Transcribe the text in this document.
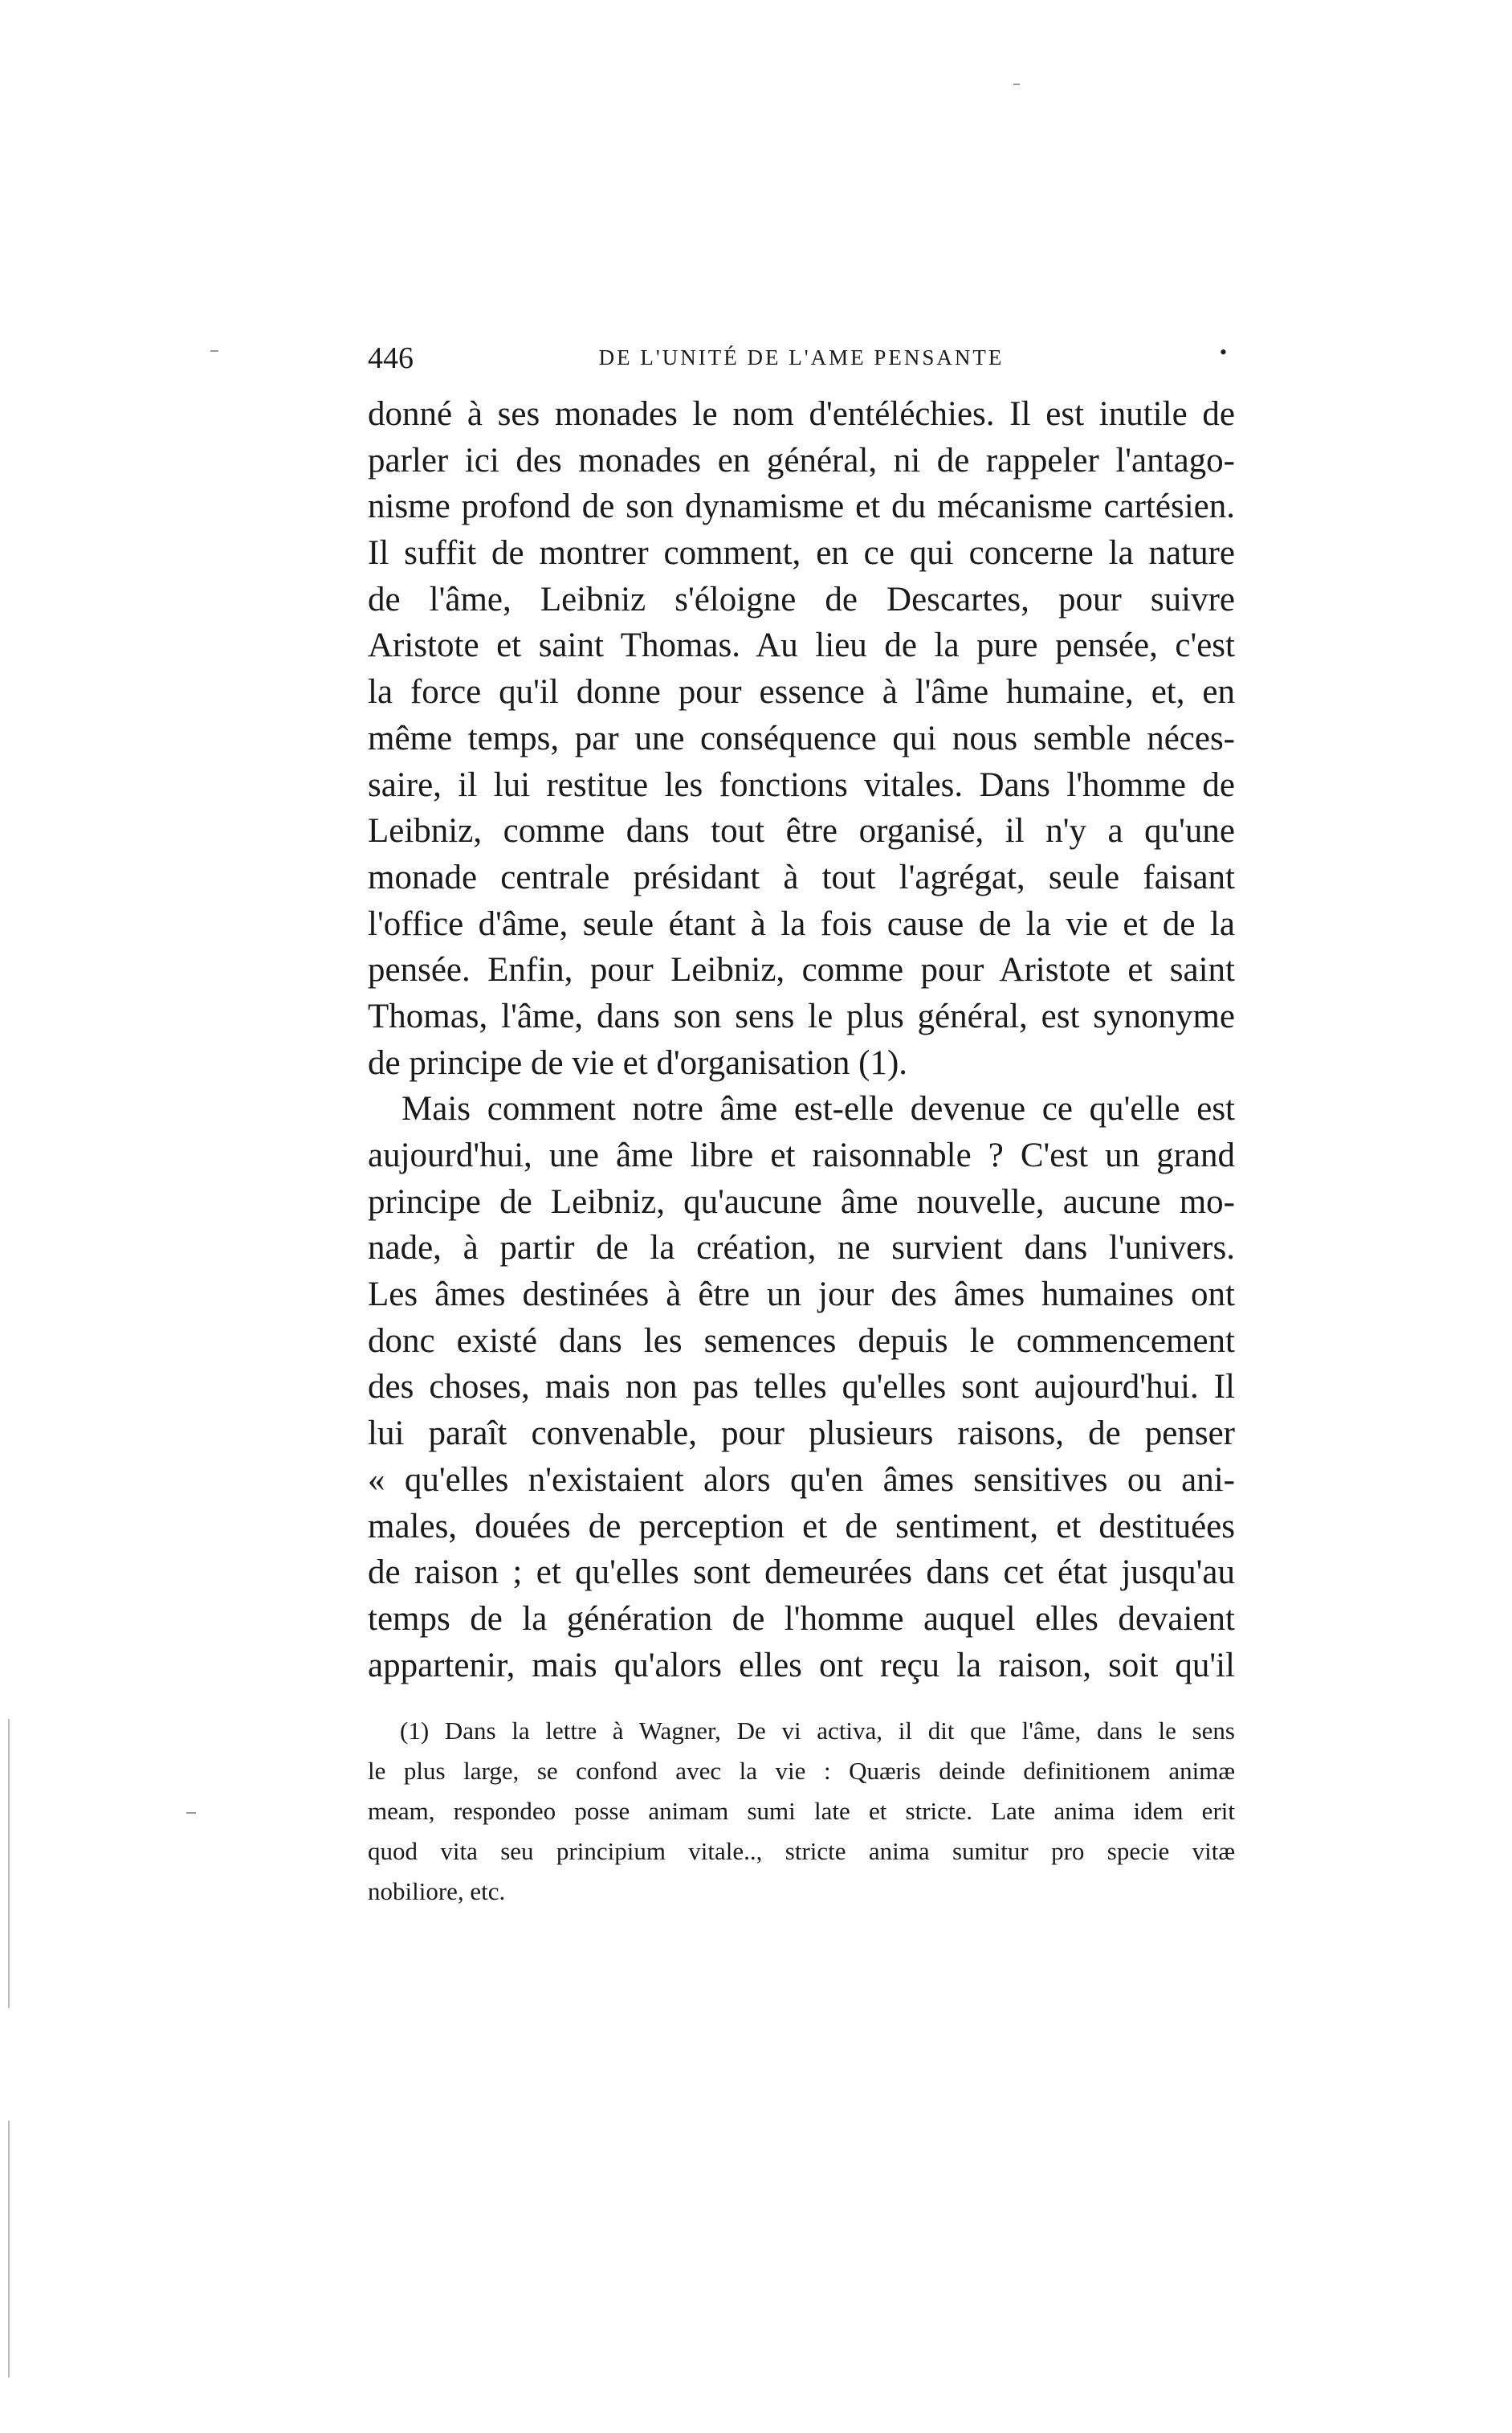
446	DE L'UNITÉ DE L'AME PENSANTE	•
donné à ses monades le nom d'entéléchies. Il est inutile de
parler ici des monades en général, ni de rappeler l'antago-
nisme profond de son dynamisme et du mécanisme cartésien.
Il suffit de montrer comment, en ce qui concerne la nature
de l'âme, Leibniz s'éloigne de Descartes, pour suivre
Aristote et saint Thomas. Au lieu de la pure pensée, c'est
la force qu'il donne pour essence à l'âme humaine, et, en
même temps, par une conséquence qui nous semble néces-
saire, il lui restitue les fonctions vitales. Dans l'homme de
Leibniz, comme dans tout être organisé, il n'y a qu'une
monade centrale présidant à tout l'agrégat, seule faisant
l'office d'âme, seule étant à la fois cause de la vie et de la
pensée. Enfin, pour Leibniz, comme pour Aristote et saint
Thomas, l'âme, dans son sens le plus général, est synonyme
de principe de vie et d'organisation (1).
Mais comment notre âme est-elle devenue ce qu'elle est
aujourd'hui, une âme libre et raisonnable ? C'est un grand
principe de Leibniz, qu'aucune âme nouvelle, aucune mo-
nade, à partir de la création, ne survient dans l'univers.
Les âmes destinées à être un jour des âmes humaines ont
donc existé dans les semences depuis le commencement
des choses, mais non pas telles qu'elles sont aujourd'hui. Il
lui paraît convenable, pour plusieurs raisons, de penser
« qu'elles n'existaient alors qu'en âmes sensitives ou ani-
males, douées de perception et de sentiment, et destituées
de raison ; et qu'elles sont demeurées dans cet état jusqu'au
temps de la génération de l'homme auquel elles devaient
appartenir, mais qu'alors elles ont reçu la raison, soit qu'il
(1) Dans la lettre à Wagner, De vi activa, il dit que l'âme, dans le sens
le plus large, se confond avec la vie : Quæris deinde definitionem animæ
meam, respondeo posse animam sumi late et stricte. Late anima idem erit
quod vita seu principium vitale.., stricte anima sumitur pro specie vitæ
nobiliore, etc.
